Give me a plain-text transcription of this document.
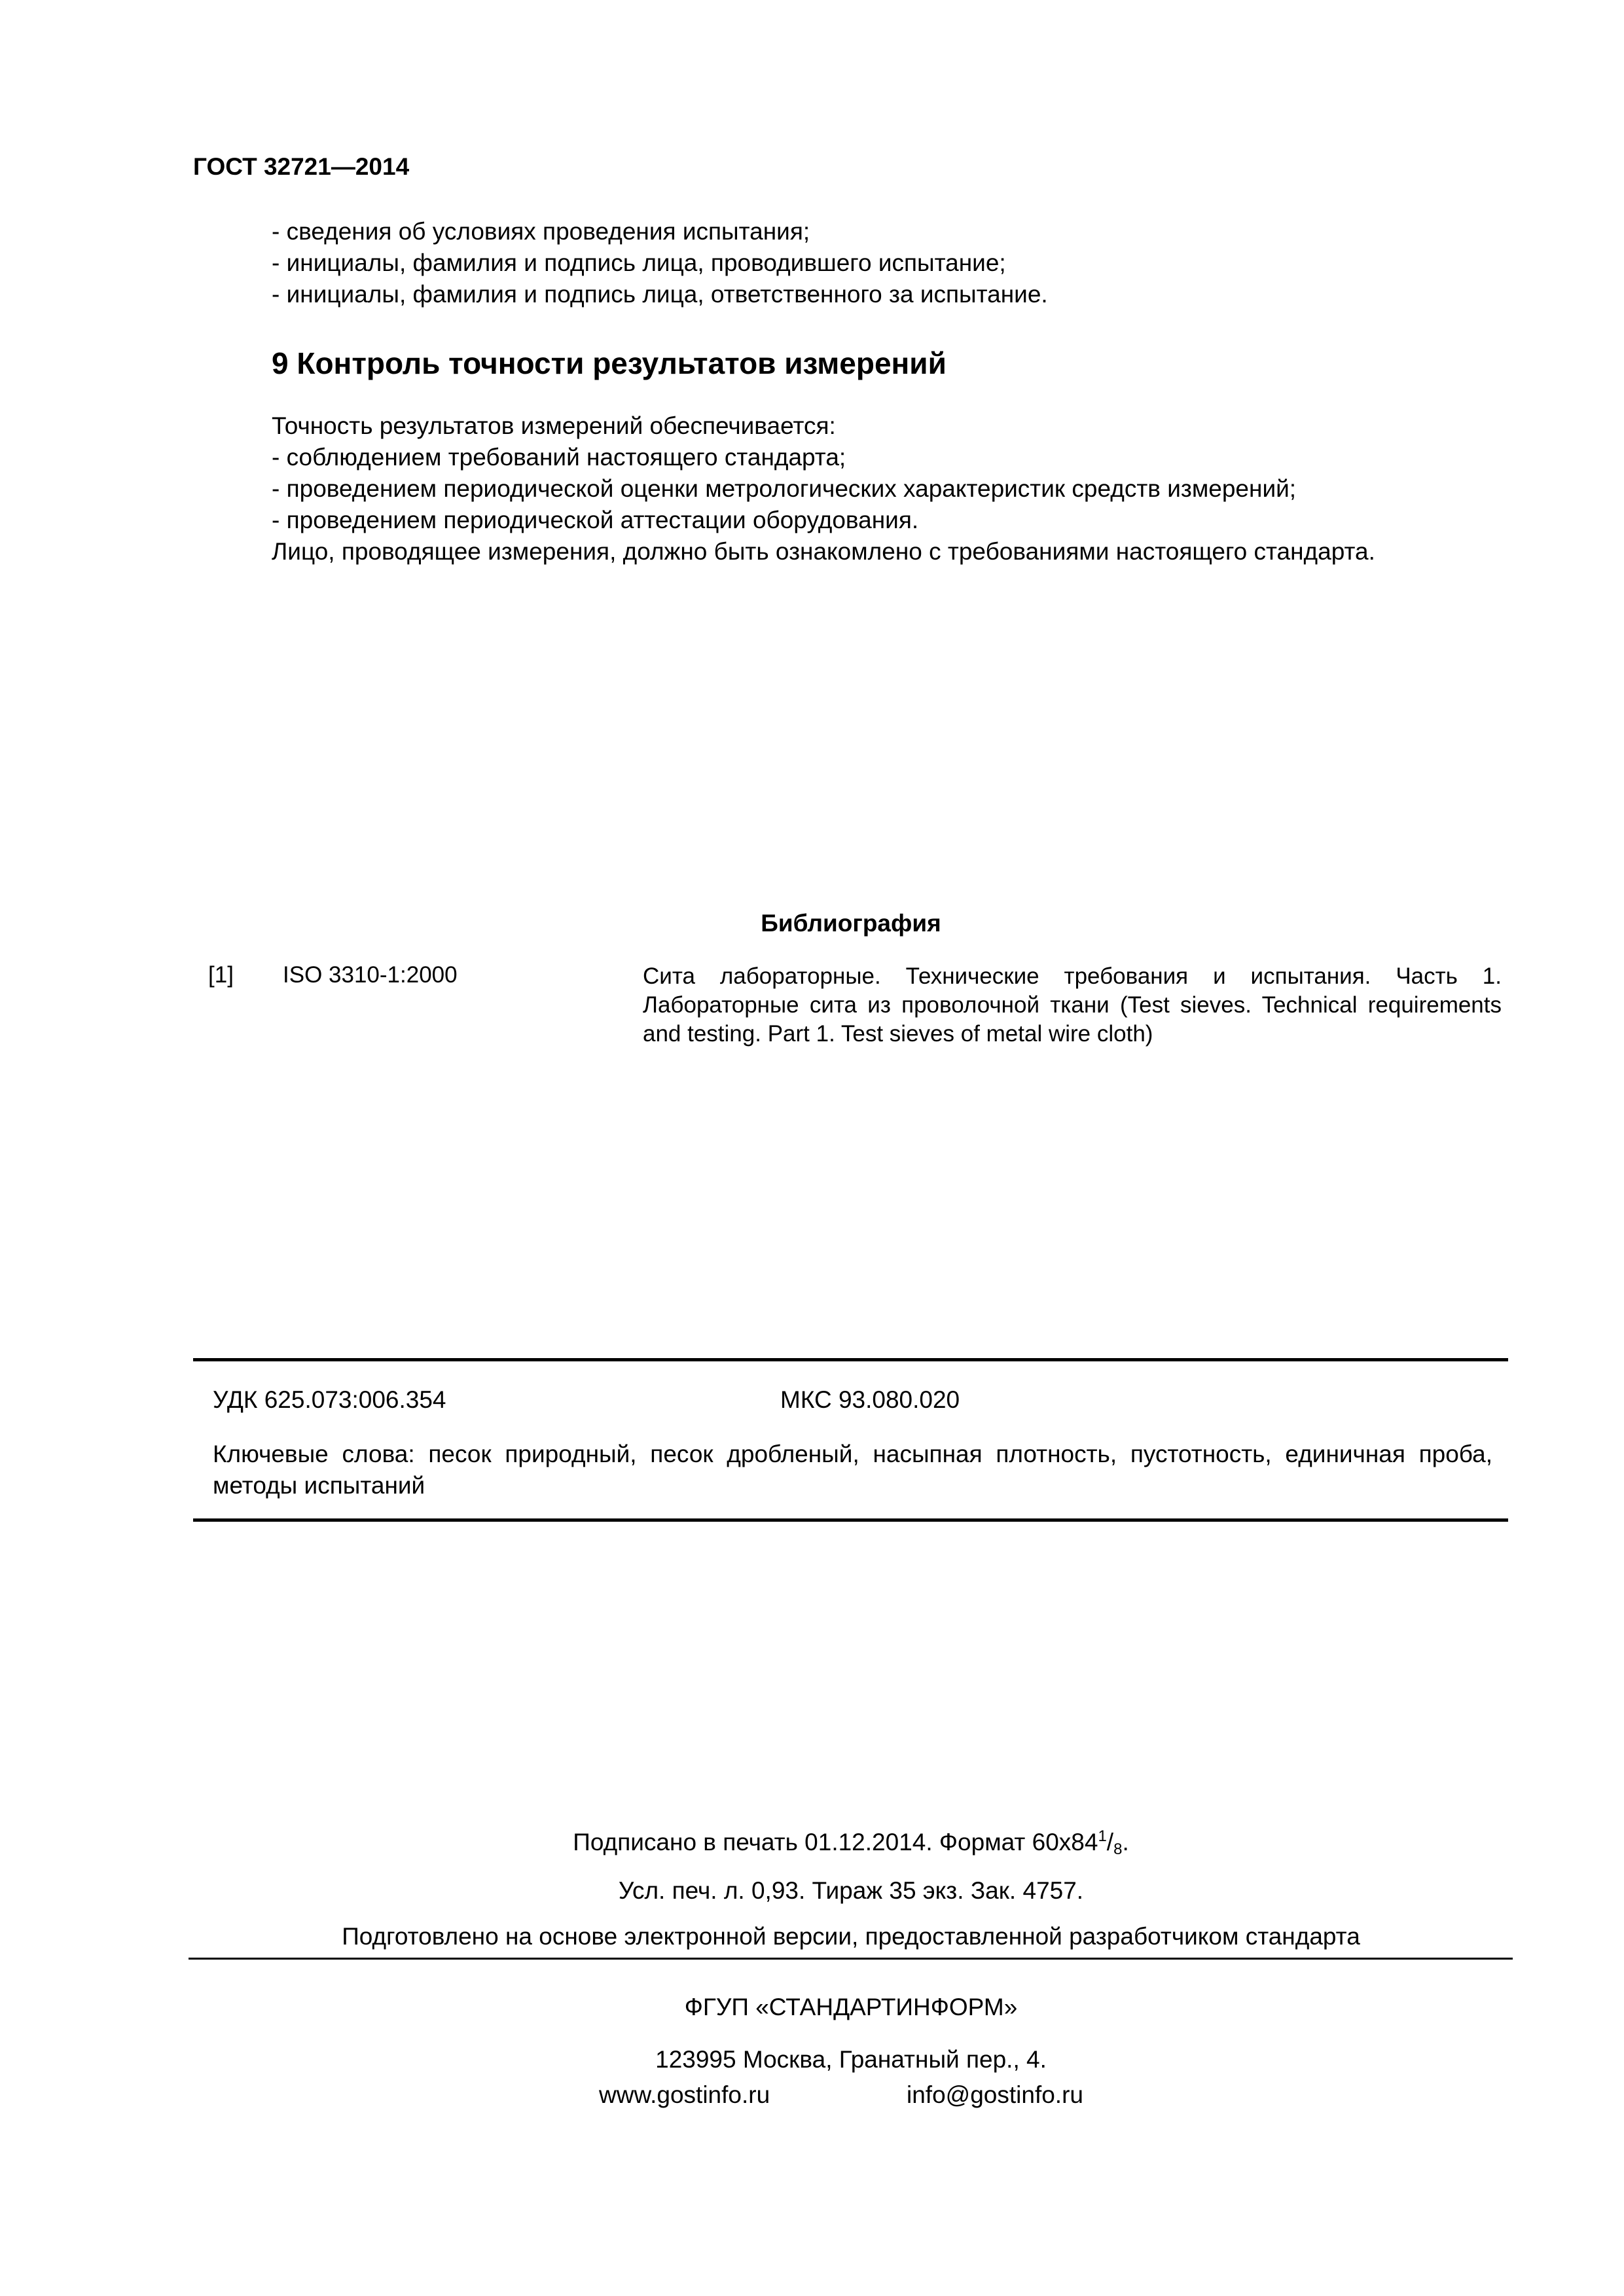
ГОСТ 32721—2014
- сведения об условиях проведения испытания;
- инициалы, фамилия и подпись лица, проводившего испытание;
- инициалы, фамилия и подпись лица, ответственного за испытание.
9 Контроль точности результатов измерений
Точность результатов измерений обеспечивается:
- соблюдением требований настоящего стандарта;
- проведением периодической оценки метрологических характеристик средств измерений;
- проведением периодической аттестации оборудования.
Лицо, проводящее измерения, должно быть ознакомлено с требованиями настоящего стандарта.
Библиография
[1] ISO 3310-1:2000	Сита лабораторные. Технические требования и испытания. Часть 1. Лабораторные сита из проволочной ткани (Test sieves. Technical requirements and testing. Part 1. Test sieves of metal wire cloth)
УДК 625.073:006.354	МКС 93.080.020
Ключевые слова: песок природный, песок дробленый, насыпная плотность, пустотность, единичная проба, методы испытаний
Подписано в печать 01.12.2014. Формат $60x84^1/_8$.
Усл. печ. л. 0,93. Тираж 35 экз. Зак. 4757.
Подготовлено на основе электронной версии, предоставленной разработчиком стандарта
ФГУП «СТАНДАРТИНФОРМ»
123995 Москва, Гранатный пер., 4.
www.gostinfo.ru	info@gostinfo.ru
